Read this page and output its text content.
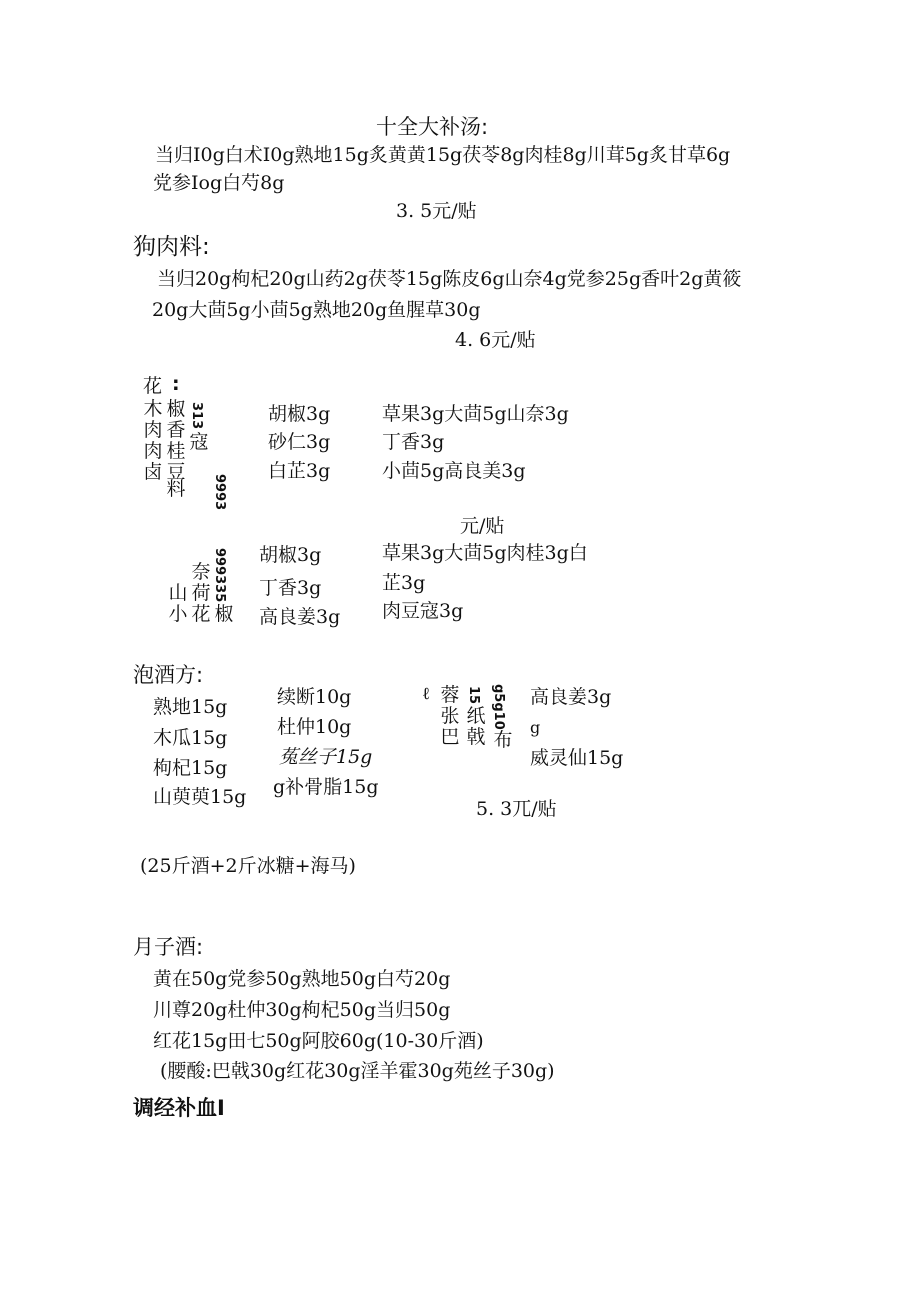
十全大补汤:
当归I0g白术I0g熟地15g炙黄黄15g茯苓8g肉桂8g川茸5g炙甘草6g
党参Iog白芍8g
3. 5元/贴
狗肉料:
当归20g枸杞20g山药2g茯苓15g陈皮6g山奈4g党参25g香叶2g黄筱
20g大茴5g小茴5g熟地20g鱼腥草30g
4. 6元/贴
花 :
木肉肉卤
椒香桂豆
寇
料
313
9993
胡椒3g
砂仁3g
白芷3g
草果3g大茴5g山奈3g
丁香3g
小茴5g高良美3g
元/贴
999335
山小
奈荷花 椒
胡椒3g
丁香3g
高良姜3g
草果3g大茴5g肉桂3g白
芷3g
肉豆寇3g
泡酒方:
熟地15g
木瓜15g
枸杞15g
山萸萸15g
续断10g
杜仲10g
菟丝子15g
g补骨脂15g
ℓ 蓉张巴
15
纸戟
g5g10
布
高良姜3g
g
威灵仙15g
5. 3兀/贴
(25斤酒+2斤冰糖+海马)
月子酒:
黄在50g党参50g熟地50g白芍20g
川尊20g杜仲30g枸杞50g当归50g
红花15g田七50g阿胶60g(10-30斤酒)
(腰酸:巴戟30g红花30g淫羊霍30g苑丝子30g)
调经补血I
